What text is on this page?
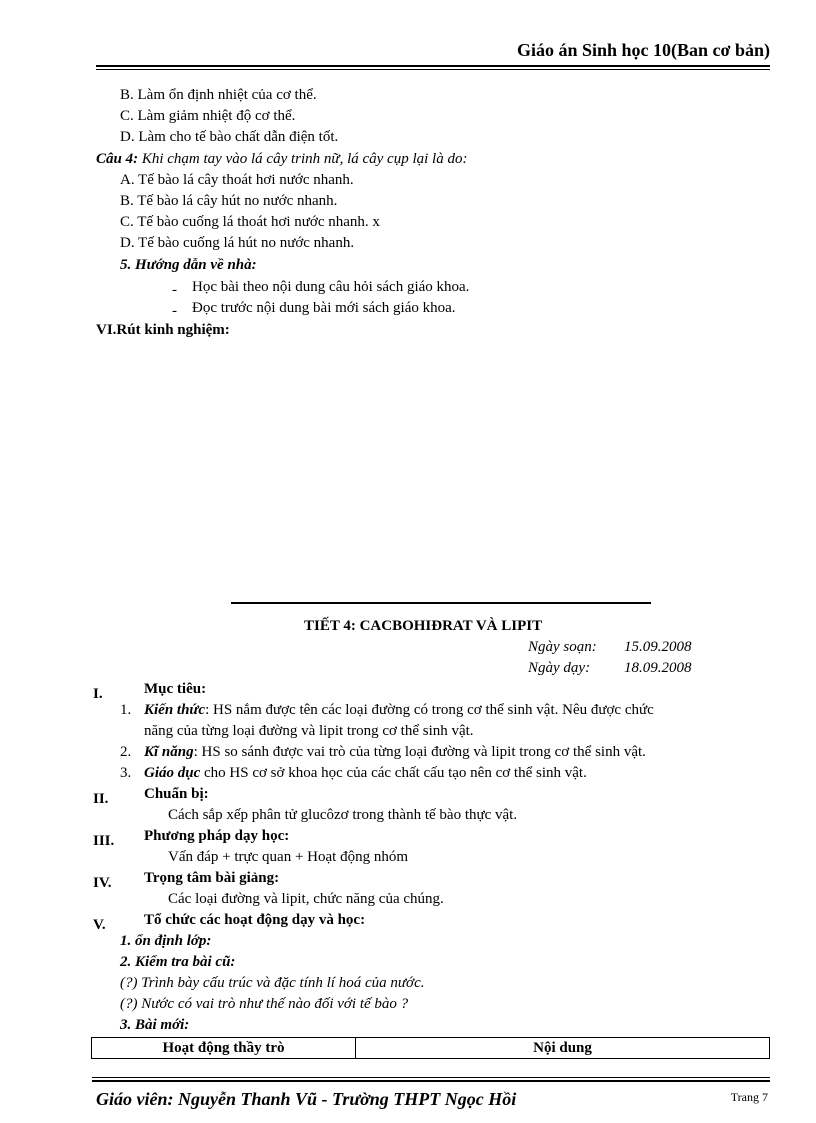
Giáo án Sinh học 10(Ban cơ bản)
B. Làm ổn định nhiệt của cơ thể.
C. Làm giảm nhiệt độ cơ thể.
D. Làm cho tế bào chất dẫn điện tốt.
Câu 4: Khi chạm tay vào lá cây trinh nữ, lá cây cụp lại là do:
A. Tế bào lá cây thoát hơi nước nhanh.
B. Tế bào lá cây hút no nước nhanh.
C. Tế bào cuống lá thoát hơi nước nhanh. x
D. Tế bào cuống lá hút no nước nhanh.
5. Hướng dẫn về nhà:
- Học bài theo nội dung câu hỏi sách giáo khoa.
- Đọc trước nội dung bài mới sách giáo khoa.
VI.Rút kinh nghiệm:
TIẾT 4: CACBOHIĐRAT VÀ LIPIT
Ngày soạn: 15.09.2008
Ngày dạy: 18.09.2008
I.	Mục tiêu:
1. Kiến thức: HS nắm được tên các loại đường có trong cơ thể sinh vật. Nêu được chức
năng của từng loại đường và lipit trong cơ thể sinh vật.
2. Kĩ năng: HS so sánh được vai trò của từng loại đường và lipit trong cơ thể sinh vật.
3. Giáo dục cho HS cơ sở khoa học của các chất cấu tạo nên cơ thể sinh vật.
II. Chuẩn bị:
Cách sắp xếp phân tử glucôzơ trong thành tế bào thực vật.
III. Phương pháp dạy học:
Vấn đáp + trực quan + Hoạt động nhóm
IV. Trọng tâm bài giảng:
Các loại đường và lipit, chức năng của chúng.
V.	Tổ chức các hoạt động dạy và học:
1. ổn định lớp:
2. Kiểm tra bài cũ:
(?) Trình bày cấu trúc và đặc tính lí hoá của nước.
(?) Nước có vai trò như thế nào đối với tế bào ?
3. Bài mới:
Hoạt động thầy trò	Nội dung
Giáo viên: Nguyễn Thanh Vũ - Trường THPT Ngọc Hồi	Trang 7
